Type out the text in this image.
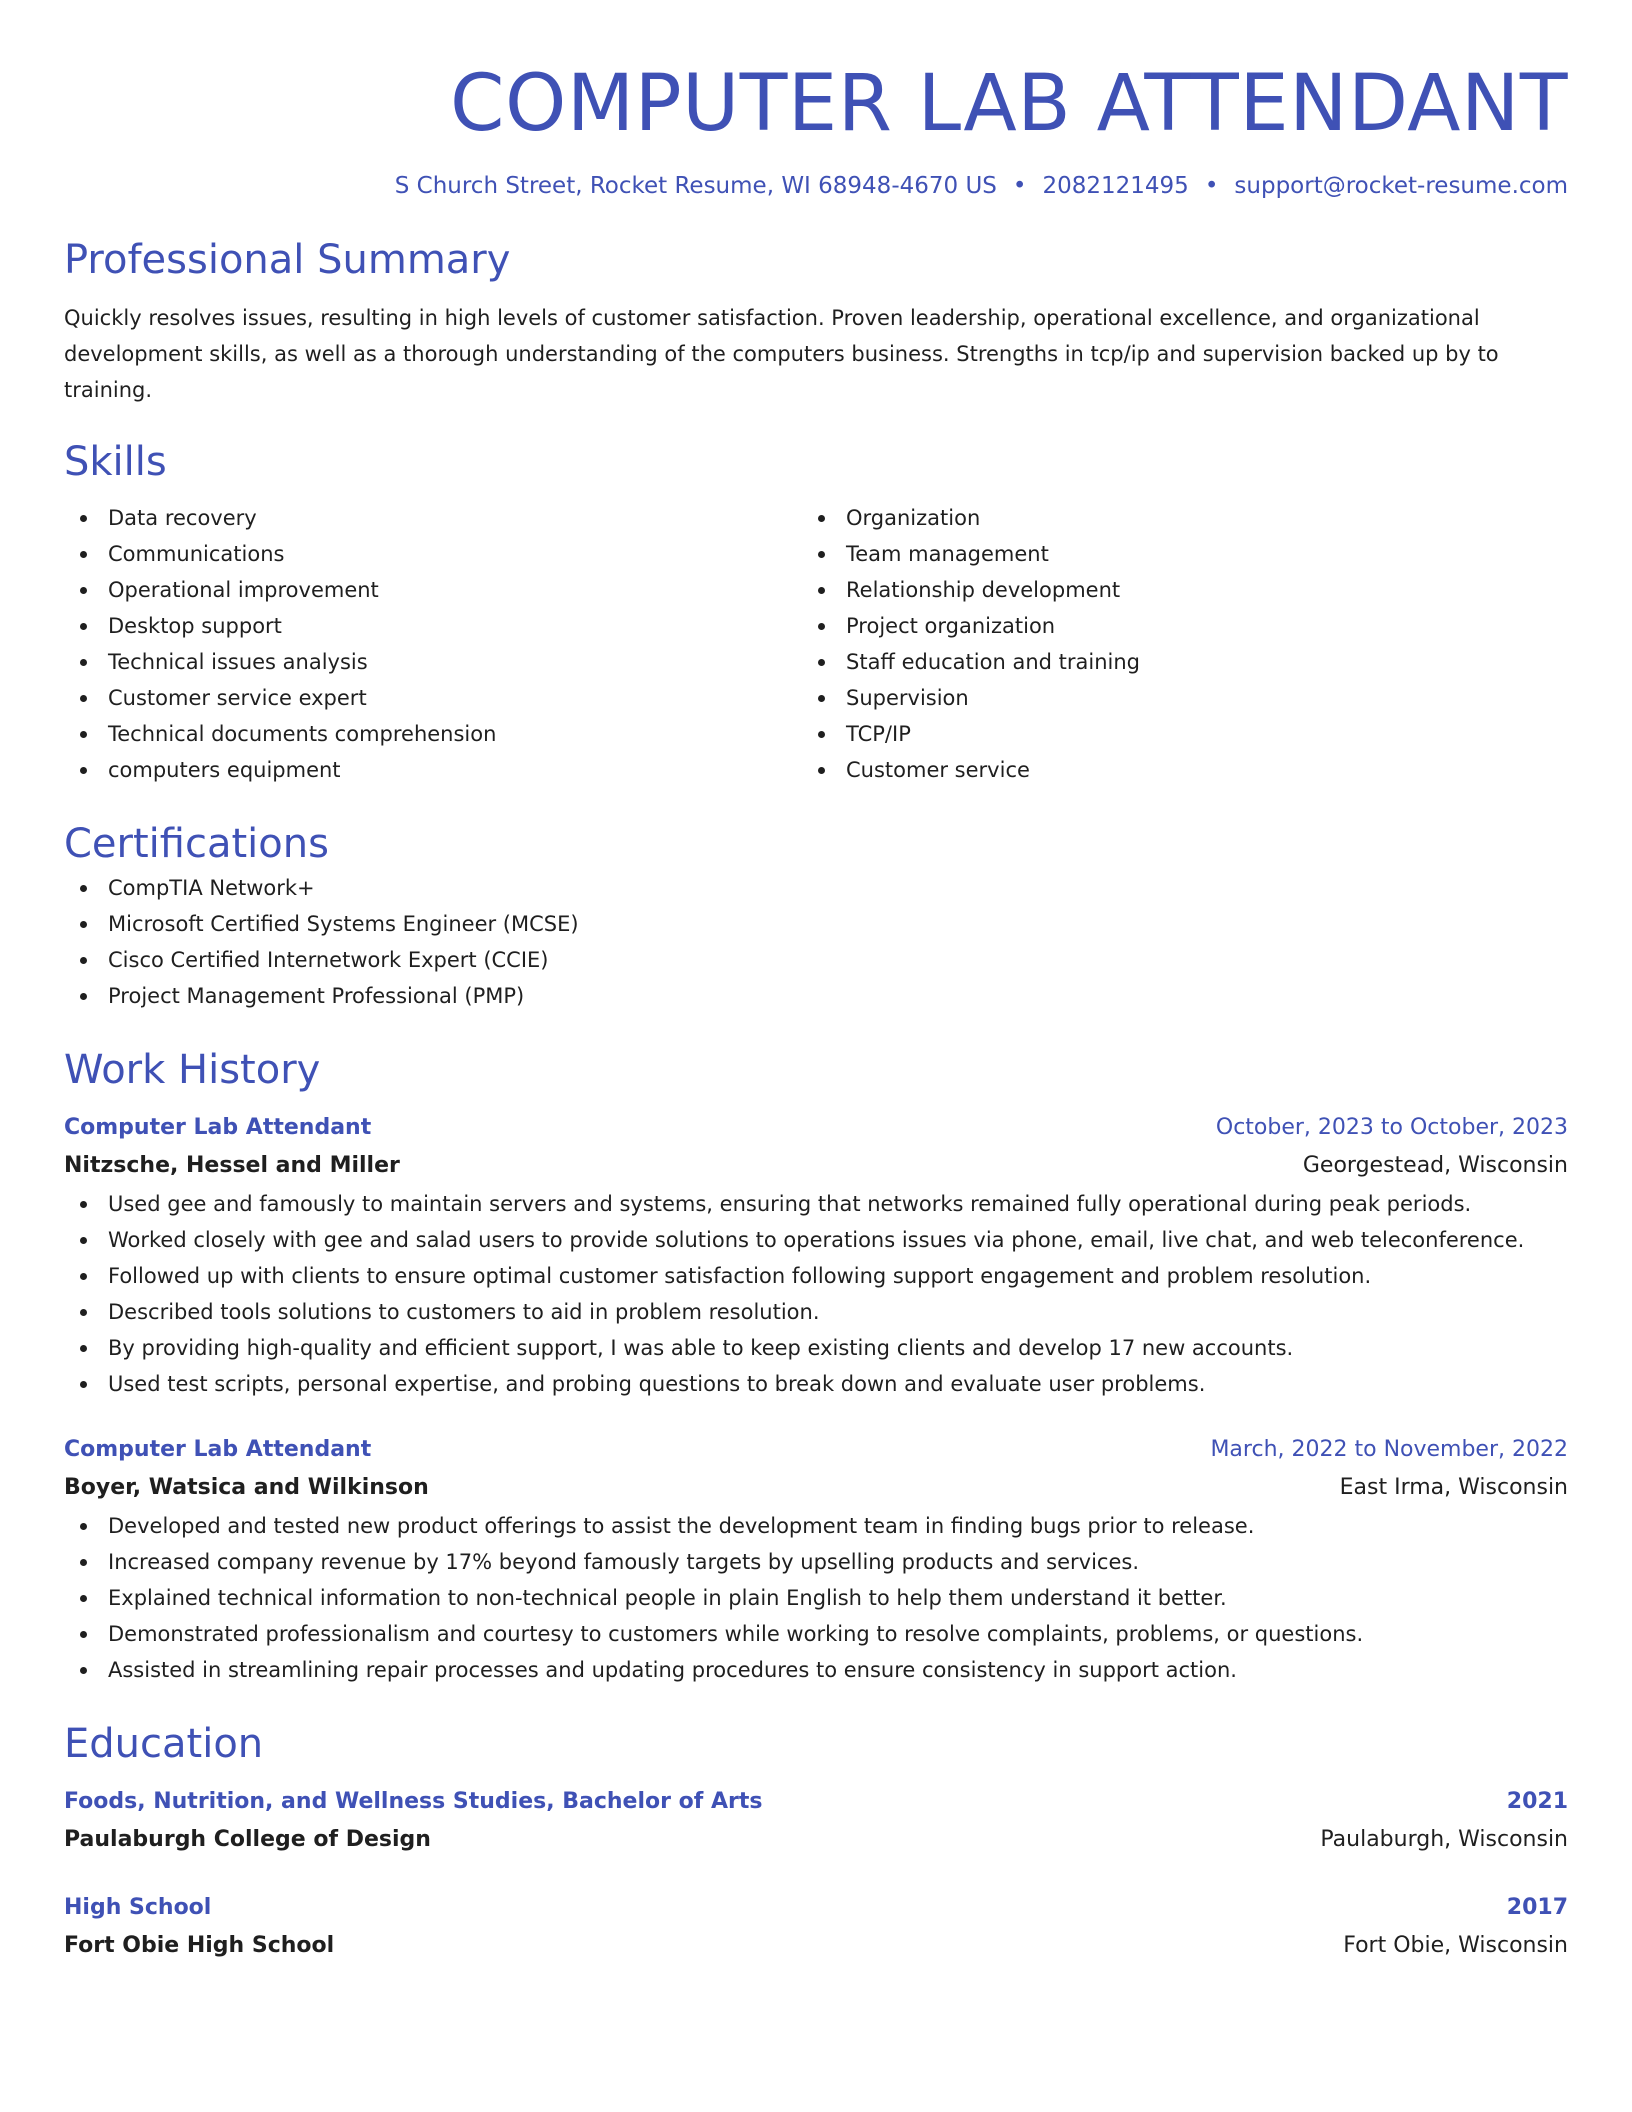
COMPUTER LAB ATTENDANT
S Church Street, Rocket Resume, WI 68948-4670 US • 2082121495 • support@rocket-resume.com
Professional Summary
Quickly resolves issues, resulting in high levels of customer satisfaction. Proven leadership, operational excellence, and organizational development skills, as well as a thorough understanding of the computers business. Strengths in tcp/ip and supervision backed up by to training.
Skills
Data recovery
Communications
Operational improvement
Desktop support
Technical issues analysis
Customer service expert
Technical documents comprehension
computers equipment
Organization
Team management
Relationship development
Project organization
Staff education and training
Supervision
TCP/IP
Customer service
Certifications
CompTIA Network+
Microsoft Certified Systems Engineer (MCSE)
Cisco Certified Internetwork Expert (CCIE)
Project Management Professional (PMP)
Work History
Computer Lab Attendant	October, 2023 to October, 2023
Nitzsche, Hessel and Miller	Georgestead, Wisconsin
Used gee and famously to maintain servers and systems, ensuring that networks remained fully operational during peak periods.
Worked closely with gee and salad users to provide solutions to operations issues via phone, email, live chat, and web teleconference.
Followed up with clients to ensure optimal customer satisfaction following support engagement and problem resolution.
Described tools solutions to customers to aid in problem resolution.
By providing high-quality and efficient support, I was able to keep existing clients and develop 17 new accounts.
Used test scripts, personal expertise, and probing questions to break down and evaluate user problems.
Computer Lab Attendant	March, 2022 to November, 2022
Boyer, Watsica and Wilkinson	East Irma, Wisconsin
Developed and tested new product offerings to assist the development team in finding bugs prior to release.
Increased company revenue by 17% beyond famously targets by upselling products and services.
Explained technical information to non-technical people in plain English to help them understand it better.
Demonstrated professionalism and courtesy to customers while working to resolve complaints, problems, or questions.
Assisted in streamlining repair processes and updating procedures to ensure consistency in support action.
Education
Foods, Nutrition, and Wellness Studies, Bachelor of Arts	2021
Paulaburgh College of Design	Paulaburgh, Wisconsin
High School	2017
Fort Obie High School	Fort Obie, Wisconsin
